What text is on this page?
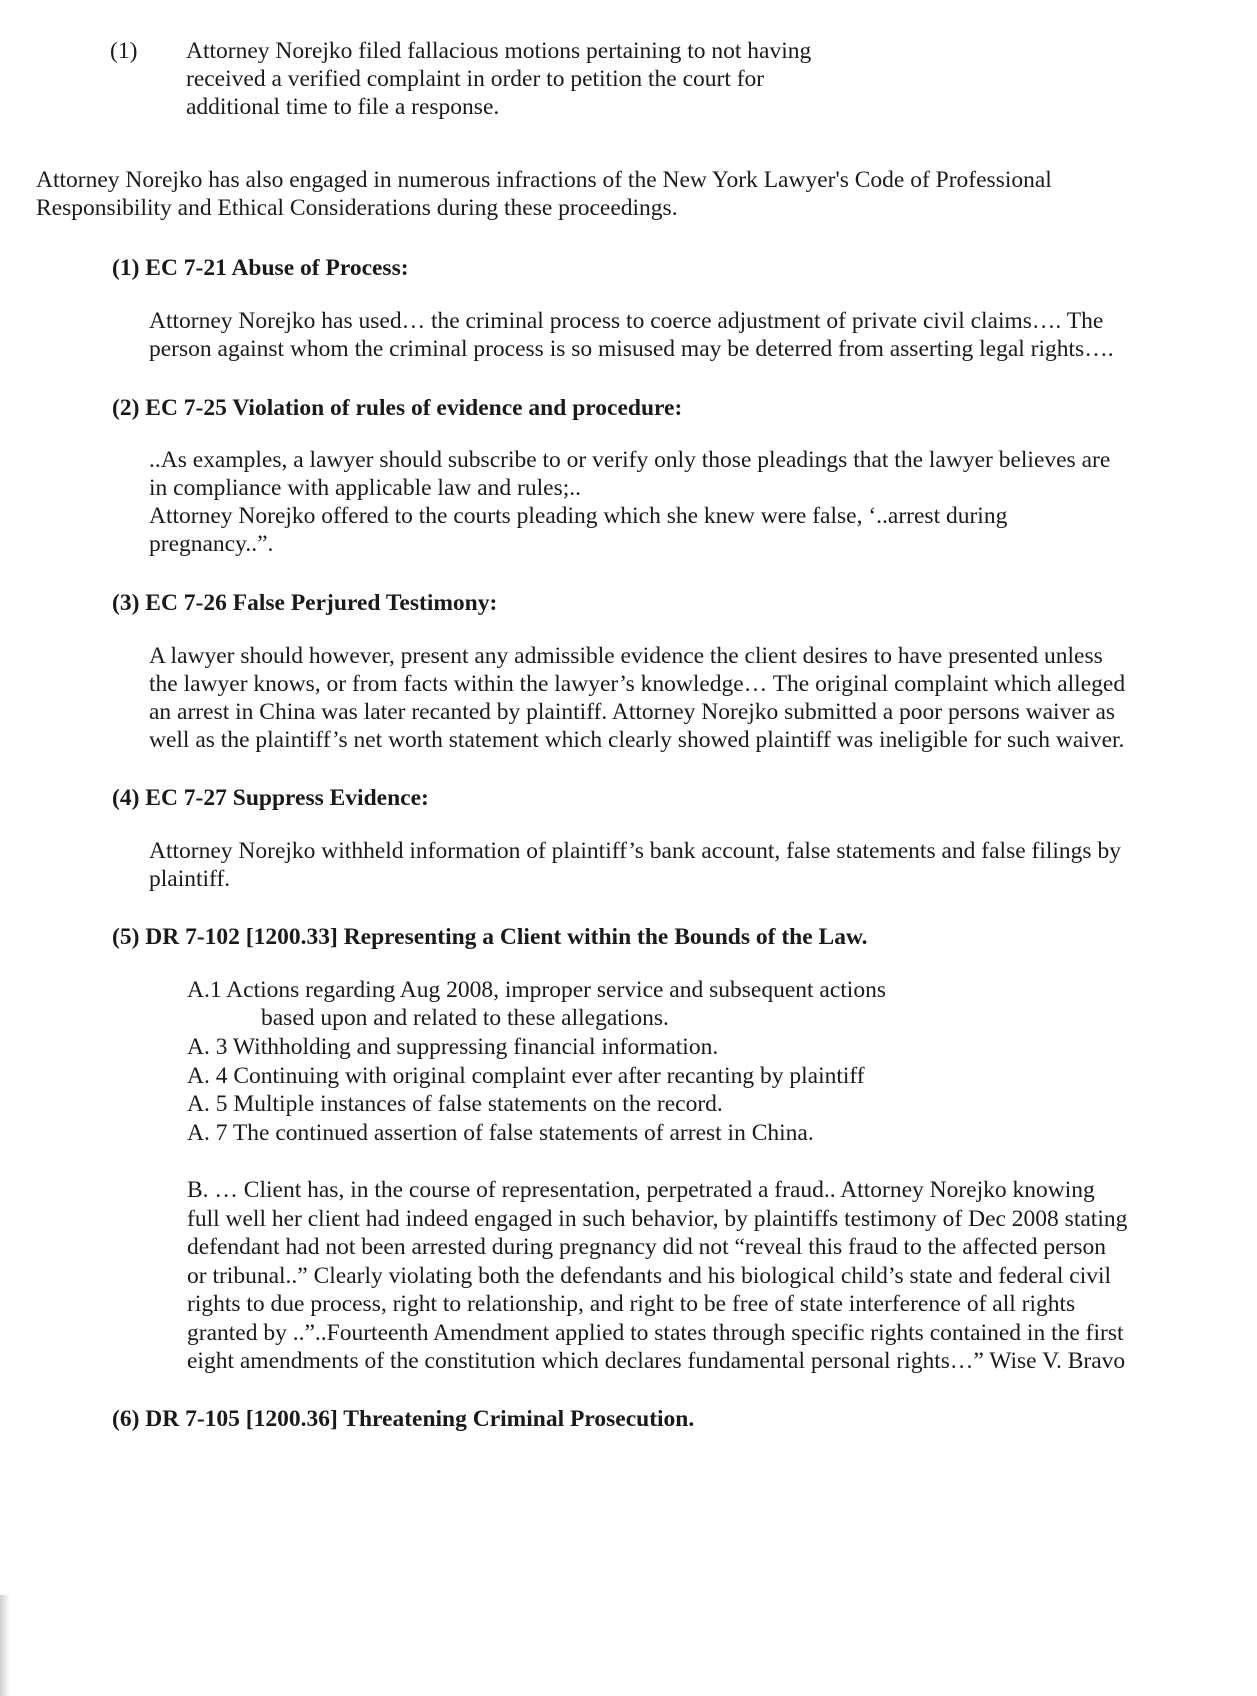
(1) Attorney Norejko filed fallacious motions pertaining to not having
received a verified complaint in order to petition the court for
additional time to file a response.
Attorney Norejko has also engaged in numerous infractions of the New York Lawyer's Code of Professional
Responsibility and Ethical Considerations during these proceedings.
(1) EC 7-21 Abuse of Process:
Attorney Norejko has used… the criminal process to coerce adjustment of private civil claims…. The
person against whom the criminal process is so misused may be deterred from asserting legal rights….
(2) EC 7-25 Violation of rules of evidence and procedure:
..As examples, a lawyer should subscribe to or verify only those pleadings that the lawyer believes are
in compliance with applicable law and rules;..
Attorney Norejko offered to the courts pleading which she knew were false, ‘..arrest during
pregnancy..”.
(3) EC 7-26 False Perjured Testimony:
A lawyer should however, present any admissible evidence the client desires to have presented unless
the lawyer knows, or from facts within the lawyer’s knowledge… The original complaint which alleged
an arrest in China was later recanted by plaintiff. Attorney Norejko submitted a poor persons waiver as
well as the plaintiff’s net worth statement which clearly showed plaintiff was ineligible for such waiver.
(4) EC 7-27 Suppress Evidence:
Attorney Norejko withheld information of plaintiff’s bank account, false statements and false filings by
plaintiff.
(5) DR 7-102 [1200.33] Representing a Client within the Bounds of the Law.
A.1 Actions regarding Aug 2008, improper service and subsequent actions
based upon and related to these allegations.
A. 3 Withholding and suppressing financial information.
A. 4 Continuing with original complaint ever after recanting by plaintiff
A. 5 Multiple instances of false statements on the record.
A. 7 The continued assertion of false statements of arrest in China.
B. … Client has, in the course of representation, perpetrated a fraud.. Attorney Norejko knowing
full well her client had indeed engaged in such behavior, by plaintiffs testimony of Dec 2008 stating
defendant had not been arrested during pregnancy did not “reveal this fraud to the affected person
or tribunal..” Clearly violating both the defendants and his biological child’s state and federal civil
rights to due process, right to relationship, and right to be free of state interference of all rights
granted by ..”..Fourteenth Amendment applied to states through specific rights contained in the first
eight amendments of the constitution which declares fundamental personal rights…” Wise V. Bravo
(6) DR 7-105 [1200.36] Threatening Criminal Prosecution.
